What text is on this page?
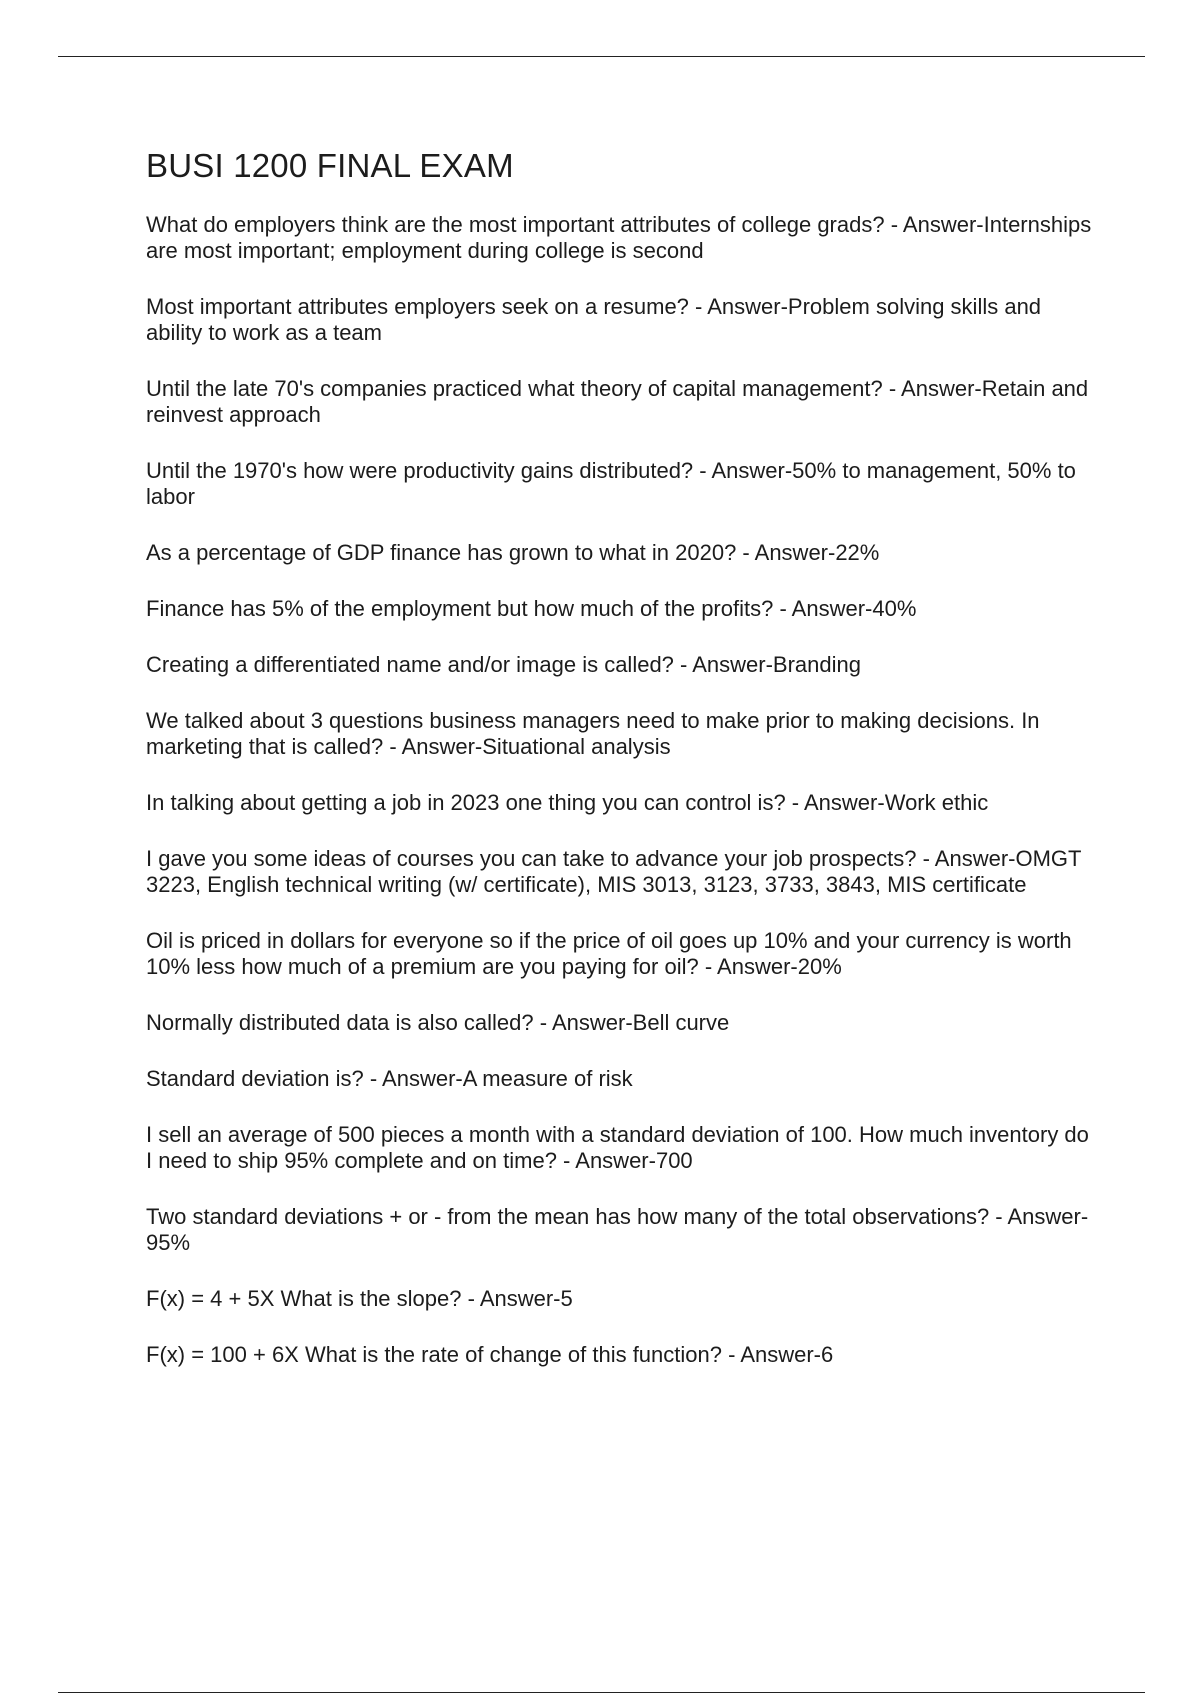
BUSI 1200 FINAL EXAM

What do employers think are the most important attributes of college grads? - Answer-Internships are most important; employment during college is second

Most important attributes employers seek on a resume? - Answer-Problem solving skills and ability to work as a team

Until the late 70's companies practiced what theory of capital management? - Answer-Retain and reinvest approach

Until the 1970's how were productivity gains distributed? - Answer-50% to management, 50% to labor

As a percentage of GDP finance has grown to what in 2020? - Answer-22%

Finance has 5% of the employment but how much of the profits? - Answer-40%

Creating a differentiated name and/or image is called? - Answer-Branding

We talked about 3 questions business managers need to make prior to making decisions. In marketing that is called? - Answer-Situational analysis

In talking about getting a job in 2023 one thing you can control is? - Answer-Work ethic

I gave you some ideas of courses you can take to advance your job prospects? - Answer-OMGT 3223, English technical writing (w/ certificate), MIS 3013, 3123, 3733, 3843, MIS certificate

Oil is priced in dollars for everyone so if the price of oil goes up 10% and your currency is worth 10% less how much of a premium are you paying for oil? - Answer-20%

Normally distributed data is also called? - Answer-Bell curve

Standard deviation is? - Answer-A measure of risk

I sell an average of 500 pieces a month with a standard deviation of 100. How much inventory do I need to ship 95% complete and on time? - Answer-700

Two standard deviations + or - from the mean has how many of the total observations? - Answer-95%

F(x) = 4 + 5X What is the slope? - Answer-5

F(x) = 100 + 6X What is the rate of change of this function? - Answer-6
